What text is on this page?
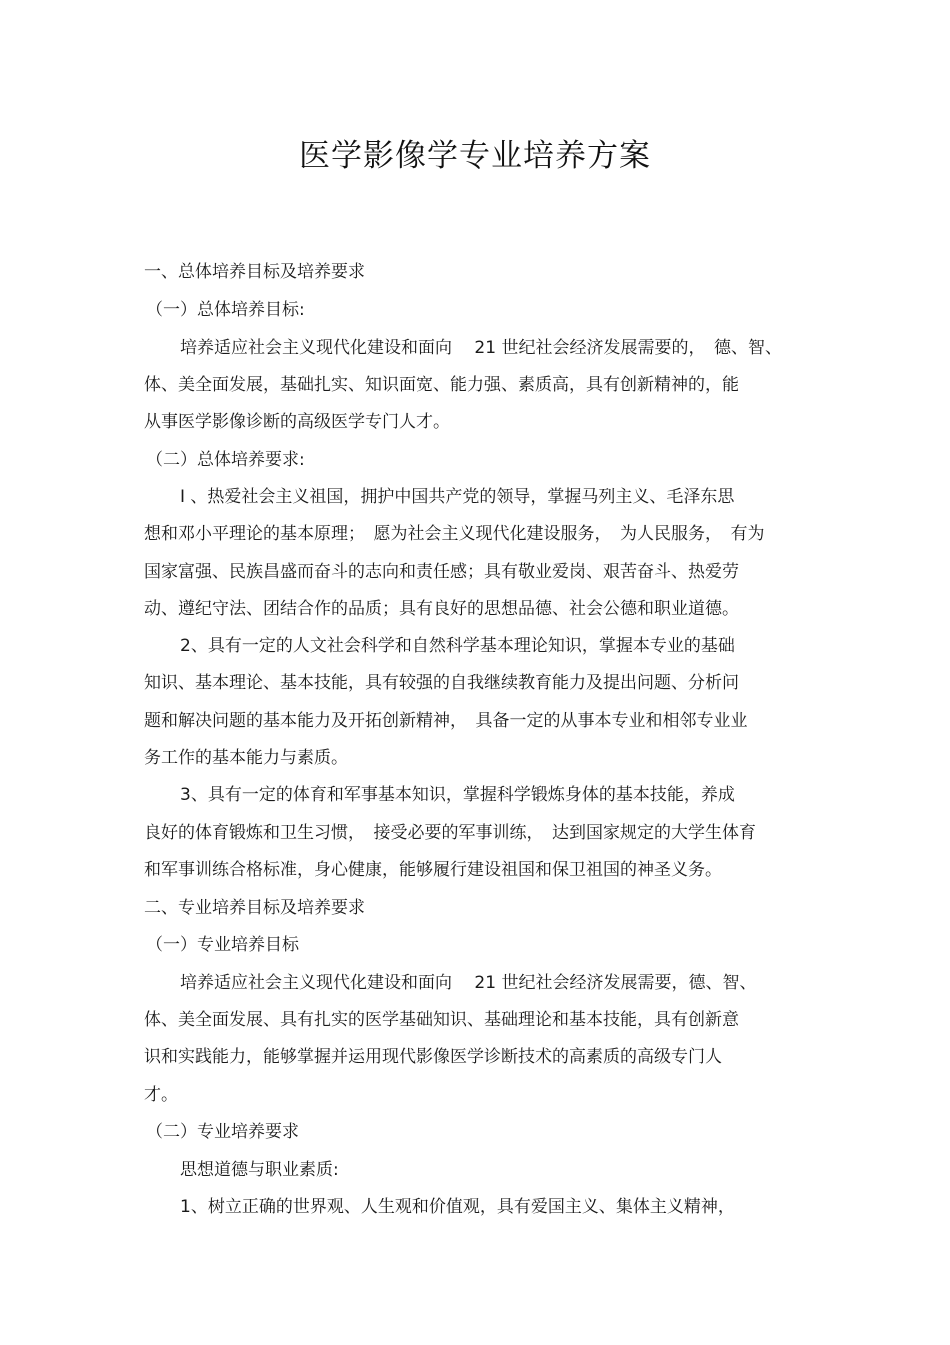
医学影像学专业培养方案
一、总体培养目标及培养要求
（一）总体培养目标:
培养适应社会主义现代化建设和面向　 21 世纪社会经济发展需要的，　德、智、
体、美全面发展，基础扎实、知识面宽、能力强、素质高，具有创新精神的，能
从事医学影像诊断的高级医学专门人才。
（二）总体培养要求:
I 、热爱社会主义祖国，拥护中国共产党的领导，掌握马列主义、毛泽东思
想和邓小平理论的基本原理；　愿为社会主义现代化建设服务，　为人民服务，　有为
国家富强、民族昌盛而奋斗的志向和责任感；具有敬业爱岗、艰苦奋斗、热爱劳
动、遵纪守法、团结合作的品质；具有良好的思想品德、社会公德和职业道德。
2、具有一定的人文社会科学和自然科学基本理论知识，掌握本专业的基础
知识、基本理论、基本技能，具有较强的自我继续教育能力及提出问题、分析问
题和解决问题的基本能力及开拓创新精神，　具备一定的从事本专业和相邻专业业
务工作的基本能力与素质。
3、具有一定的体育和军事基本知识，掌握科学锻炼身体的基本技能，养成
良好的体育锻炼和卫生习惯，　接受必要的军事训练，　达到国家规定的大学生体育
和军事训练合格标准，身心健康，能够履行建设祖国和保卫祖国的神圣义务。
二、专业培养目标及培养要求
（一）专业培养目标
培养适应社会主义现代化建设和面向　 21 世纪社会经济发展需要，德、智、
体、美全面发展、具有扎实的医学基础知识、基础理论和基本技能，具有创新意
识和实践能力，能够掌握并运用现代影像医学诊断技术的高素质的高级专门人
才。
（二）专业培养要求
思想道德与职业素质:
1、树立正确的世界观、人生观和价值观，具有爱国主义、集体主义精神，
